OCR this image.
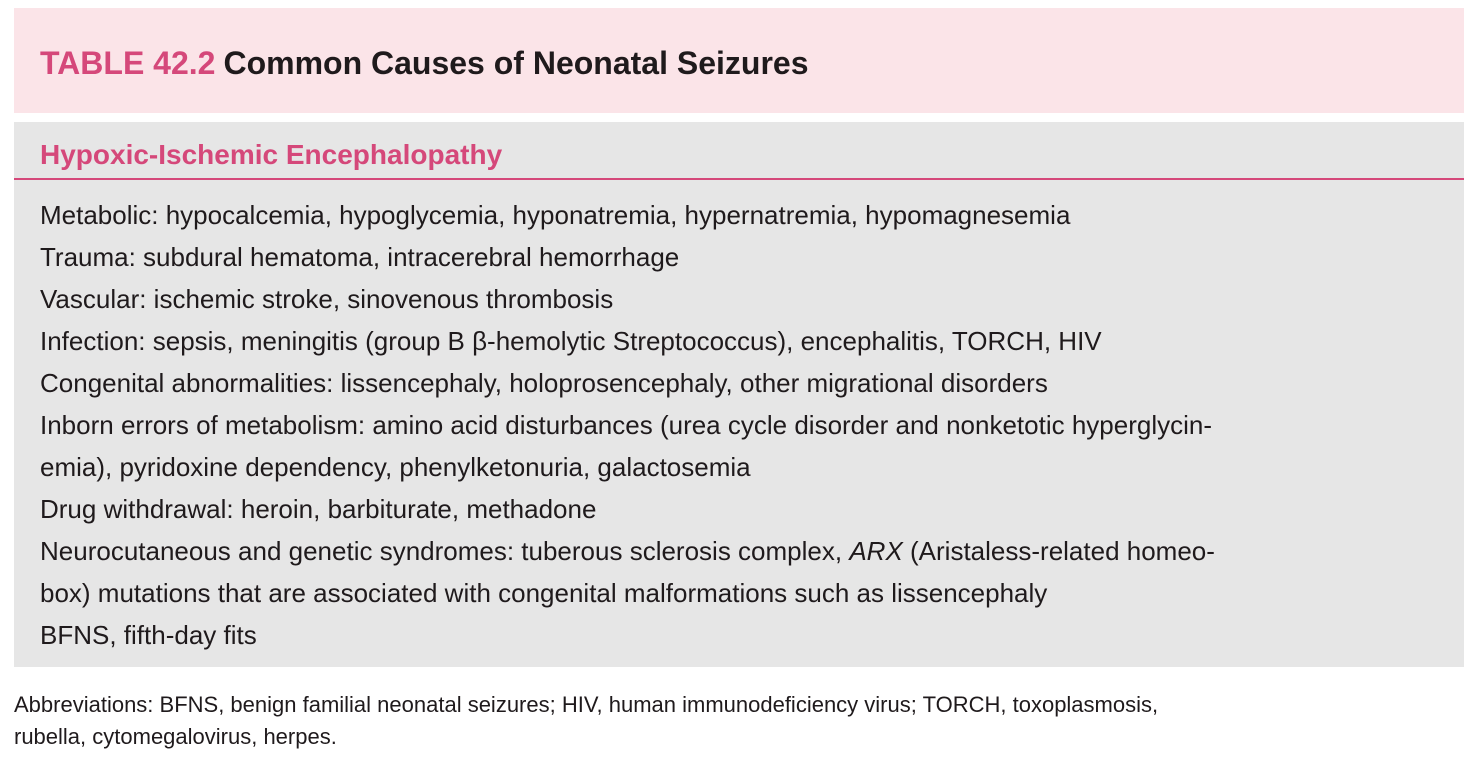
TABLE 42.2 Common Causes of Neonatal Seizures
Hypoxic-Ischemic Encephalopathy
Metabolic: hypocalcemia, hypoglycemia, hyponatremia, hypernatremia, hypomagnesemia
Trauma: subdural hematoma, intracerebral hemorrhage
Vascular: ischemic stroke, sinovenous thrombosis
Infection: sepsis, meningitis (group B β-hemolytic Streptococcus), encephalitis, TORCH, HIV
Congenital abnormalities: lissencephaly, holoprosencephaly, other migrational disorders
Inborn errors of metabolism: amino acid disturbances (urea cycle disorder and nonketotic hyperglycin-
emia), pyridoxine dependency, phenylketonuria, galactosemia
Drug withdrawal: heroin, barbiturate, methadone
Neurocutaneous and genetic syndromes: tuberous sclerosis complex, ARX (Aristaless-related homeo-
box) mutations that are associated with congenital malformations such as lissencephaly
BFNS, fifth-day fits
Abbreviations: BFNS, benign familial neonatal seizures; HIV, human immunodeficiency virus; TORCH, toxoplasmosis,
rubella, cytomegalovirus, herpes.
